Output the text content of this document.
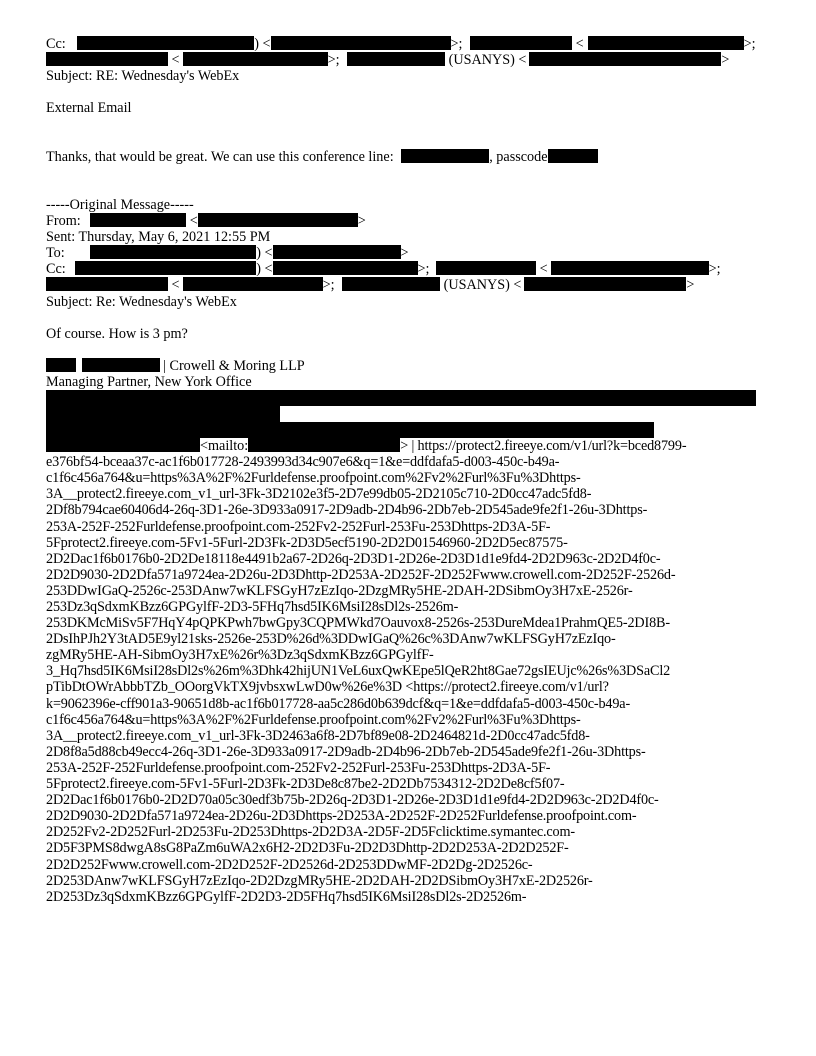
Cc:	) <	>;	<	>;
<	>;	(USANYS) <	>
Subject: RE: Wednesday's WebEx
External Email
Thanks, that would be great. We can use this conference line:	, passcode
-----Original Message-----
From:	<	>
Sent: Thursday, May 6, 2021 12:55 PM
To:	) <	>
Cc:	) <	>;	<	>;
<	>;	(USANYS) <	>
Subject: Re: Wednesday's WebEx
Of course. How is 3 pm?
| Crowell & Moring LLP
Managing Partner, New York Office
<mailto:	> | https://protect2.fireeye.com/v1/url?k=bced8799-
e376bf54-bceaa37c-ac1f6b017728-2493993d34c907e6&q=1&e=ddfdafa5-d003-450c-b49a-
c1f6c456a764&u=https%3A%2F%2Furldefense.proofpoint.com%2Fv2%2Furl%3Fu%3Dhttps-
3A__protect2.fireeye.com_v1_url-3Fk-3D2102e3f5-2D7e99db05-2D2105c710-2D0cc47adc5fd8-
2Df8b794cae60406d4-26q-3D1-26e-3D933a0917-2D9adb-2D4b96-2Db7eb-2D545ade9fe2f1-26u-3Dhttps-
253A-252F-252Furldefense.proofpoint.com-252Fv2-252Furl-253Fu-253Dhttps-2D3A-5F-
5Fprotect2.fireeye.com-5Fv1-5Furl-2D3Fk-2D3D5ecf5190-2D2D01546960-2D2D5ec87575-
2D2Dac1f6b0176b0-2D2De18118e4491b2a67-2D26q-2D3D1-2D26e-2D3D1d1e9fd4-2D2D963c-2D2D4f0c-
2D2D9030-2D2Dfa571a9724ea-2D26u-2D3Dhttp-2D253A-2D252F-2D252Fwww.crowell.com-2D252F-2526d-
253DDwIGaQ-2526c-253DAnw7wKLFSGyH7zEzIqo-2DzgMRy5HE-2DAH-2DSibmOy3H7xE-2526r-
253Dz3qSdxmKBzz6GPGylfF-2D3-5FHq7hsd5IK6MsiI28sDl2s-2526m-
253DKMcMiSv5F7HqY4pQPKPwh7bwGpy3CQPMWkd7Oauvox8-2526s-253DureMdea1PrahmQE5-2DI8B-
2DsIhPJh2Y3tAD5E9yl21sks-2526e-253D%26d%3DDwIGaQ%26c%3DAnw7wKLFSGyH7zEzIqo-
zgMRy5HE-AH-SibmOy3H7xE%26r%3Dz3qSdxmKBzz6GPGylfF-
3_Hq7hsd5IK6MsiI28sDl2s%26m%3Dhk42hijUN1VeL6uxQwKEpe5lQeR2ht8Gae72gsIEUjc%26s%3DSaCl2
pTibDtOWrAbbbTZb_OOorgVkTX9jvbsxwLwD0w%26e%3D <https://protect2.fireeye.com/v1/url?
k=9062396e-cff901a3-90651d8b-ac1f6b017728-aa5c286d0b639dcf&q=1&e=ddfdafa5-d003-450c-b49a-
c1f6c456a764&u=https%3A%2F%2Furldefense.proofpoint.com%2Fv2%2Furl%3Fu%3Dhttps-
3A__protect2.fireeye.com_v1_url-3Fk-3D2463a6f8-2D7bf89e08-2D2464821d-2D0cc47adc5fd8-
2D8f8a5d88cb49ecc4-26q-3D1-26e-3D933a0917-2D9adb-2D4b96-2Db7eb-2D545ade9fe2f1-26u-3Dhttps-
253A-252F-252Furldefense.proofpoint.com-252Fv2-252Furl-253Fu-253Dhttps-2D3A-5F-
5Fprotect2.fireeye.com-5Fv1-5Furl-2D3Fk-2D3De8c87be2-2D2Db7534312-2D2De8cf5f07-
2D2Dac1f6b0176b0-2D2D70a05c30edf3b75b-2D26q-2D3D1-2D26e-2D3D1d1e9fd4-2D2D963c-2D2D4f0c-
2D2D9030-2D2Dfa571a9724ea-2D26u-2D3Dhttps-2D253A-2D252F-2D252Furldefense.proofpoint.com-
2D252Fv2-2D252Furl-2D253Fu-2D253Dhttps-2D2D3A-2D5F-2D5Fclicktime.symantec.com-
2D5F3PMS8dwgA8sG8PaZm6uWA2x6H2-2D2D3Fu-2D2D3Dhttp-2D2D253A-2D2D252F-
2D2D252Fwww.crowell.com-2D2D252F-2D2526d-2D253DDwMF-2D2Dg-2D2526c-
2D253DAnw7wKLFSGyH7zEzIqo-2D2DzgMRy5HE-2D2DAH-2D2DSibmOy3H7xE-2D2526r-
2D253Dz3qSdxmKBzz6GPGylfF-2D2D3-2D5FHq7hsd5IK6MsiI28sDl2s-2D2526m-
